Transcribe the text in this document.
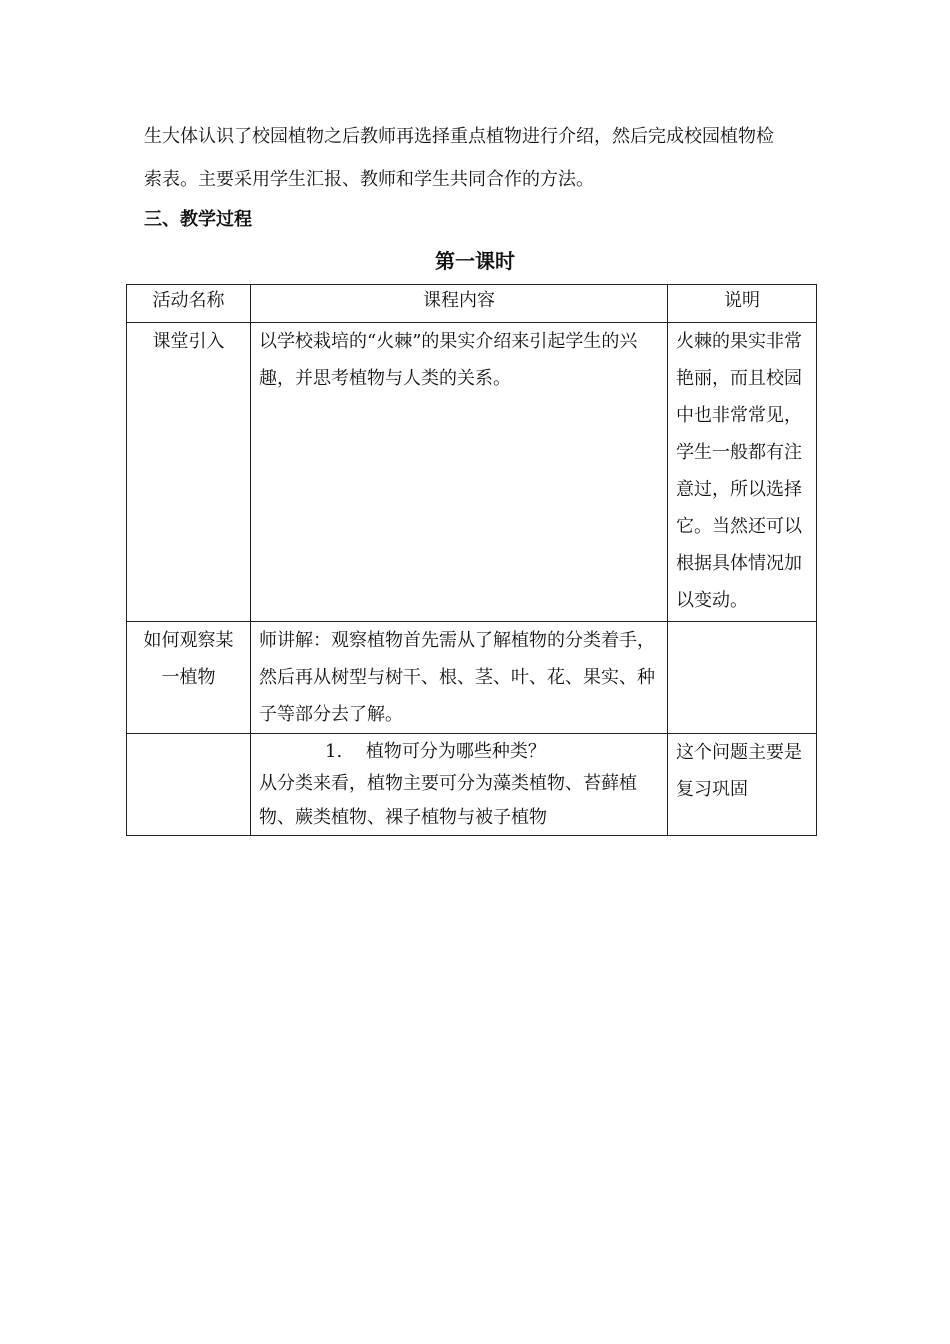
生大体认识了校园植物之后教师再选择重点植物进行介绍，然后完成校园植物检

索表。主要采用学生汇报、教师和学生共同合作的方法。

三、教学过程

第一课时

活动名称	课程内容	说明
课堂引入	以学校栽培的“火棘”的果实介绍来引起学生的兴趣，并思考植物与人类的关系。	火棘的果实非常艳丽，而且校园中也非常常见，学生一般都有注意过，所以选择它。当然还可以根据具体情况加以变动。
如何观察某一植物	师讲解：观察植物首先需从了解植物的分类着手，然后再从树型与树干、根、茎、叶、花、果实、种子等部分去了解。	

	1.　 植物可分为哪些种类？
从分类来看，植物主要可分为藻类植物、苔藓植物、蕨类植物、裸子植物与被子植物	这个问题主要是复习巩固
